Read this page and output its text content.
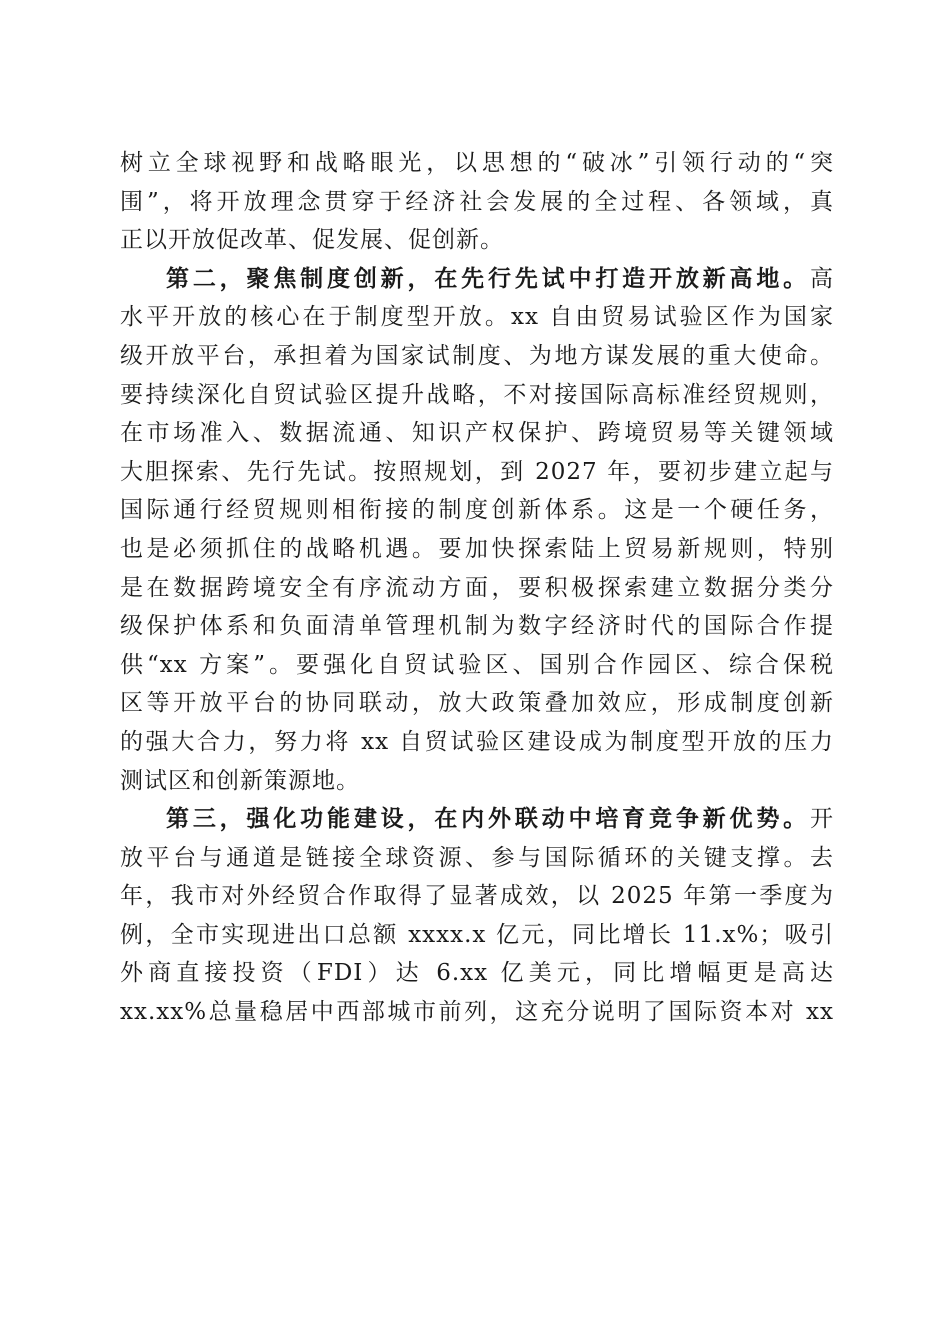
树立全球视野和战略眼光，以思想的“破冰”引领行动的“突
围”，将开放理念贯穿于经济社会发展的全过程、各领域，真
正以开放促改革、促发展、促创新。
第二，聚焦制度创新，在先行先试中打造开放新高地。高
水平开放的核心在于制度型开放。xx 自由贸易试验区作为国家
级开放平台，承担着为国家试制度、为地方谋发展的重大使命。
要持续深化自贸试验区提升战略，不对接国际高标准经贸规则，
在市场准入、数据流通、知识产权保护、跨境贸易等关键领域
大胆探索、先行先试。按照规划，到 2027 年，要初步建立起与
国际通行经贸规则相衔接的制度创新体系。这是一个硬任务，
也是必须抓住的战略机遇。要加快探索陆上贸易新规则，特别
是在数据跨境安全有序流动方面，要积极探索建立数据分类分
级保护体系和负面清单管理机制为数字经济时代的国际合作提
供“xx 方案”。要强化自贸试验区、国别合作园区、综合保税
区等开放平台的协同联动，放大政策叠加效应，形成制度创新
的强大合力，努力将 xx 自贸试验区建设成为制度型开放的压力
测试区和创新策源地。
第三，强化功能建设，在内外联动中培育竞争新优势。开
放平台与通道是链接全球资源、参与国际循环的关键支撑。去
年，我市对外经贸合作取得了显著成效，以 2025 年第一季度为
例，全市实现进出口总额 xxxx.x 亿元，同比增长 11.x%；吸引
外商直接投资（FDI）达 6.xx 亿美元，同比增幅更是高达
xx.xx%总量稳居中西部城市前列，这充分说明了国际资本对 xx
